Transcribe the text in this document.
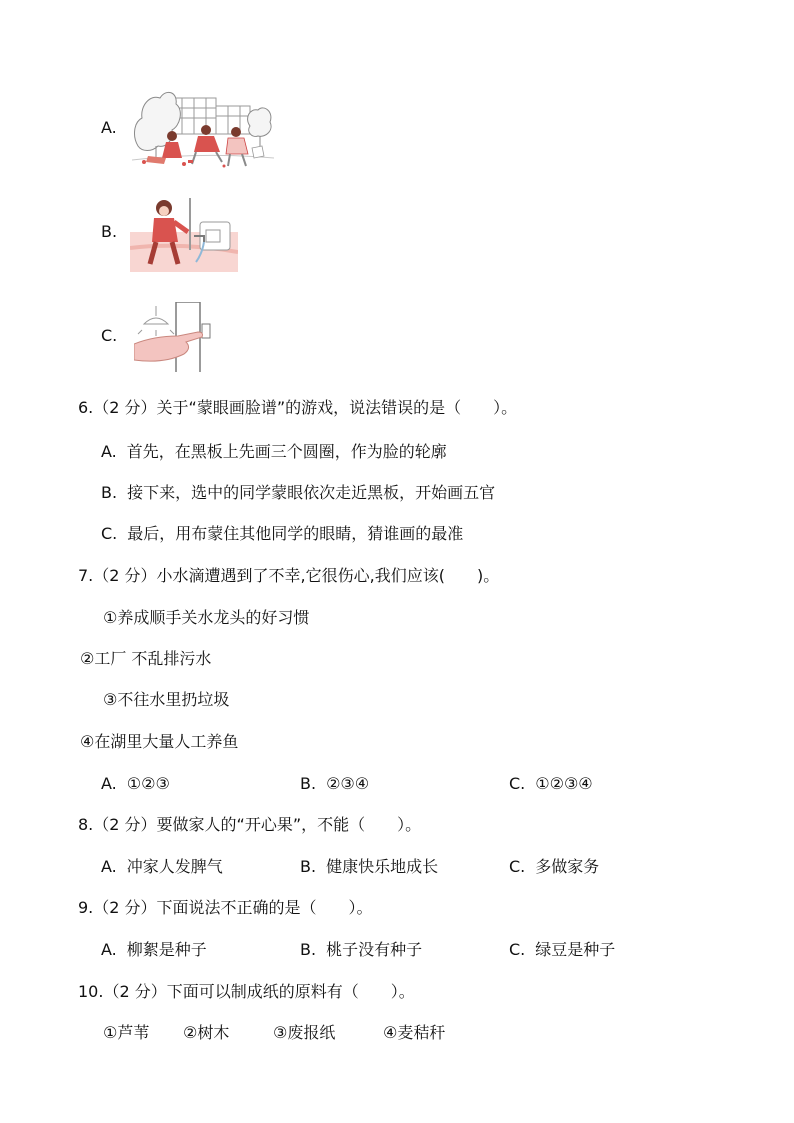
A.
B.
C.
6.（2 分）关于“蒙眼画脸谱”的游戏，说法错误的是（　　）。
A. 首先，在黑板上先画三个圆圈，作为脸的轮廓
B. 接下来，选中的同学蒙眼依次走近黑板，开始画五官
C. 最后，用布蒙住其他同学的眼睛，猜谁画的最准
7.（2 分）小水滴遭遇到了不幸,它很伤心,我们应该(　　)。
①养成顺手关水龙头的好习惯
②工厂 不乱排污水
③不往水里扔垃圾
④在湖里大量人工养鱼
A. ①②③	B. ②③④	C. ①②③④
8.（2 分）要做家人的“开心果”，不能（　　）。
A. 冲家人发脾气	B. 健康快乐地成长	C. 多做家务
9.（2 分）下面说法不正确的是（　　）。
A. 柳絮是种子	B. 桃子没有种子	C. 绿豆是种子
10.（2 分）下面可以制成纸的原料有（　　）。
①芦苇 ②树木	③废报纸	④麦秸秆
